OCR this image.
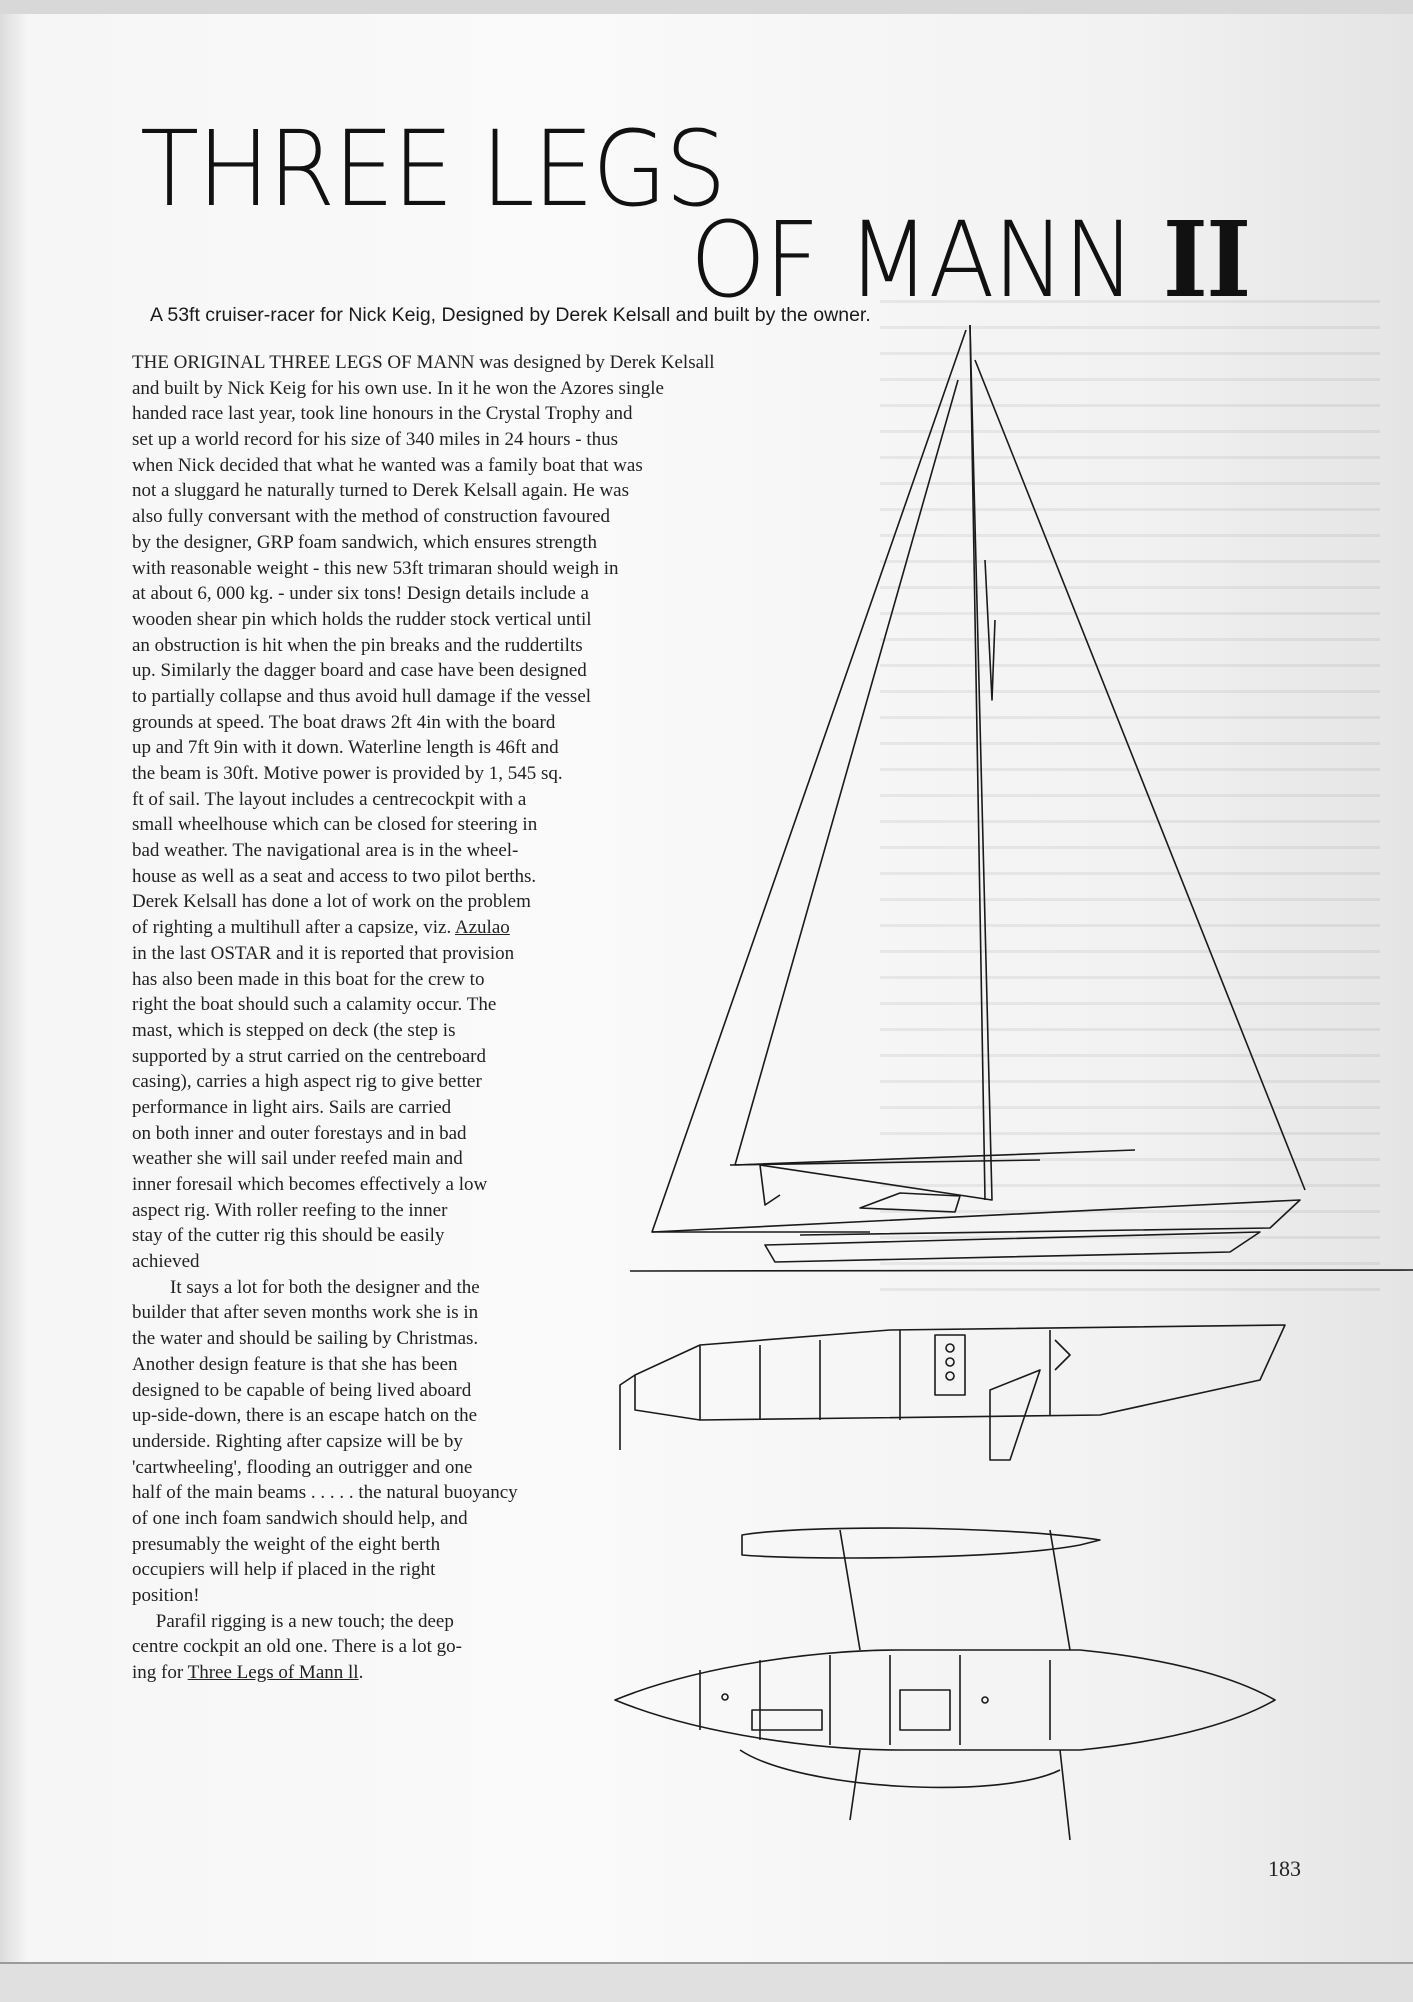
THREE LEGS
OF MANN II
A 53ft cruiser-racer for Nick Keig, Designed by Derek Kelsall and built by the owner.
THE ORIGINAL THREE LEGS OF MANN was designed by Derek Kelsall
and built by Nick Keig for his own use. In it he won the Azores single
handed race last year, took line honours in the Crystal Trophy and
set up a world record for his size of 340 miles in 24 hours - thus
when Nick decided that what he wanted was a family boat that was
not a sluggard he naturally turned to Derek Kelsall again. He was
also fully conversant with the method of construction favoured
by the designer, GRP foam sandwich, which ensures strength
with reasonable weight - this new 53ft trimaran should weigh in
at about 6, 000 kg. - under six tons! Design details include a
wooden shear pin which holds the rudder stock vertical until
an obstruction is hit when the pin breaks and the ruddertilts
up. Similarly the dagger board and case have been designed
to partially collapse and thus avoid hull damage if the vessel
grounds at speed. The boat draws 2ft 4in with the board
up and 7ft 9in with it down. Waterline length is 46ft and
the beam is 30ft. Motive power is provided by 1, 545 sq.
ft of sail. The layout includes a centrecockpit with a
small wheelhouse which can be closed for steering in
bad weather. The navigational area is in the wheel-
house as well as a seat and access to two pilot berths.
Derek Kelsall has done a lot of work on the problem
of righting a multihull after a capsize, viz. Azulao
in the last OSTAR and it is reported that provision
has also been made in this boat for the crew to
right the boat should such a calamity occur. The
mast, which is stepped on deck (the step is
supported by a strut carried on the centreboard
casing), carries a high aspect rig to give better
performance in light airs. Sails are carried
on both inner and outer forestays and in bad
weather she will sail under reefed main and
inner foresail which becomes effectively a low
aspect rig. With roller reefing to the inner
stay of the cutter rig this should be easily
achieved
It says a lot for both the designer and the
builder that after seven months work she is in
the water and should be sailing by Christmas.
Another design feature is that she has been
designed to be capable of being lived aboard
up-side-down, there is an escape hatch on the
underside. Righting after capsize will be by
'cartwheeling', flooding an outrigger and one
half of the main beams . . . . . the natural buoyancy
of one inch foam sandwich should help, and
presumably the weight of the eight berth
occupiers will help if placed in the right
position!
Parafil rigging is a new touch; the deep
centre cockpit an old one. There is a lot go-
ing for Three Legs of Mann ll.
183
